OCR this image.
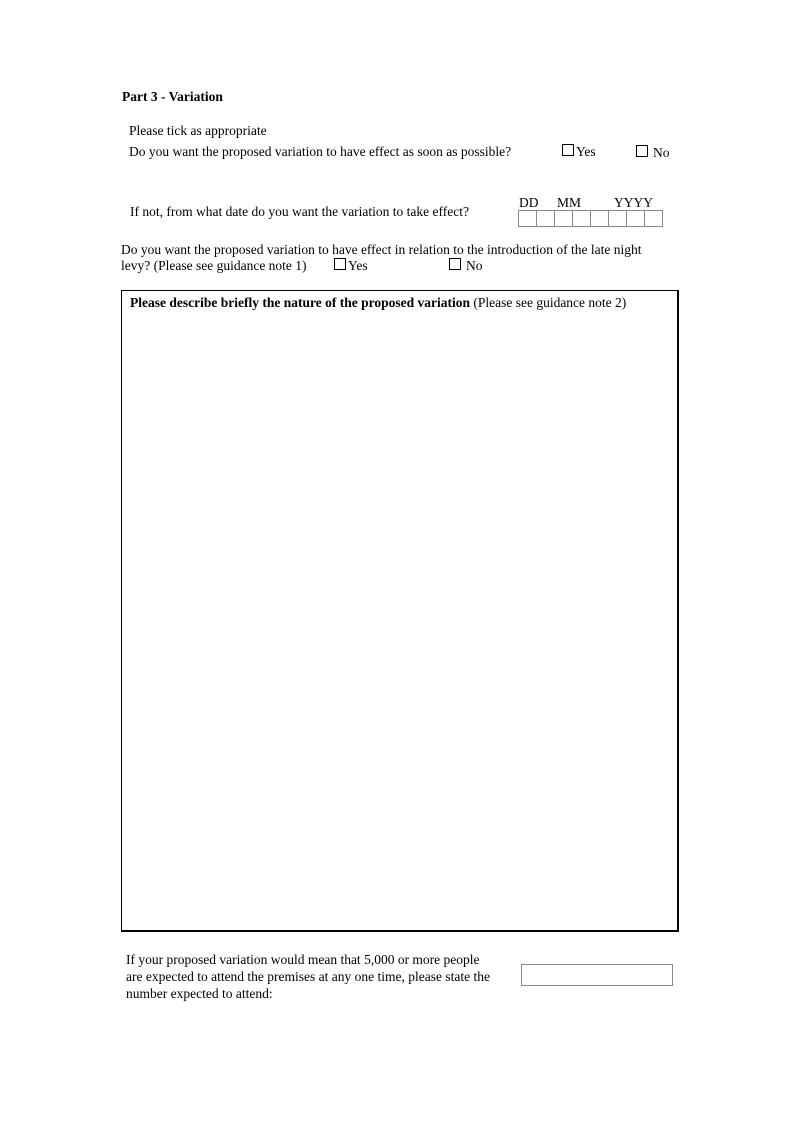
Part 3 - Variation
Please tick as appropriate
Do you want the proposed variation to have effect as soon as possible?	Yes	No
DD MM YYYY
If not, from what date do you want the variation to take effect?
Do you want the proposed variation to have effect in relation to the introduction of the late night
levy? (Please see guidance note 1)	Yes	No
Please describe briefly the nature of the proposed variation (Please see guidance note 2)
If your proposed variation would mean that 5,000 or more people
are expected to attend the premises at any one time, please state the
number expected to attend:
